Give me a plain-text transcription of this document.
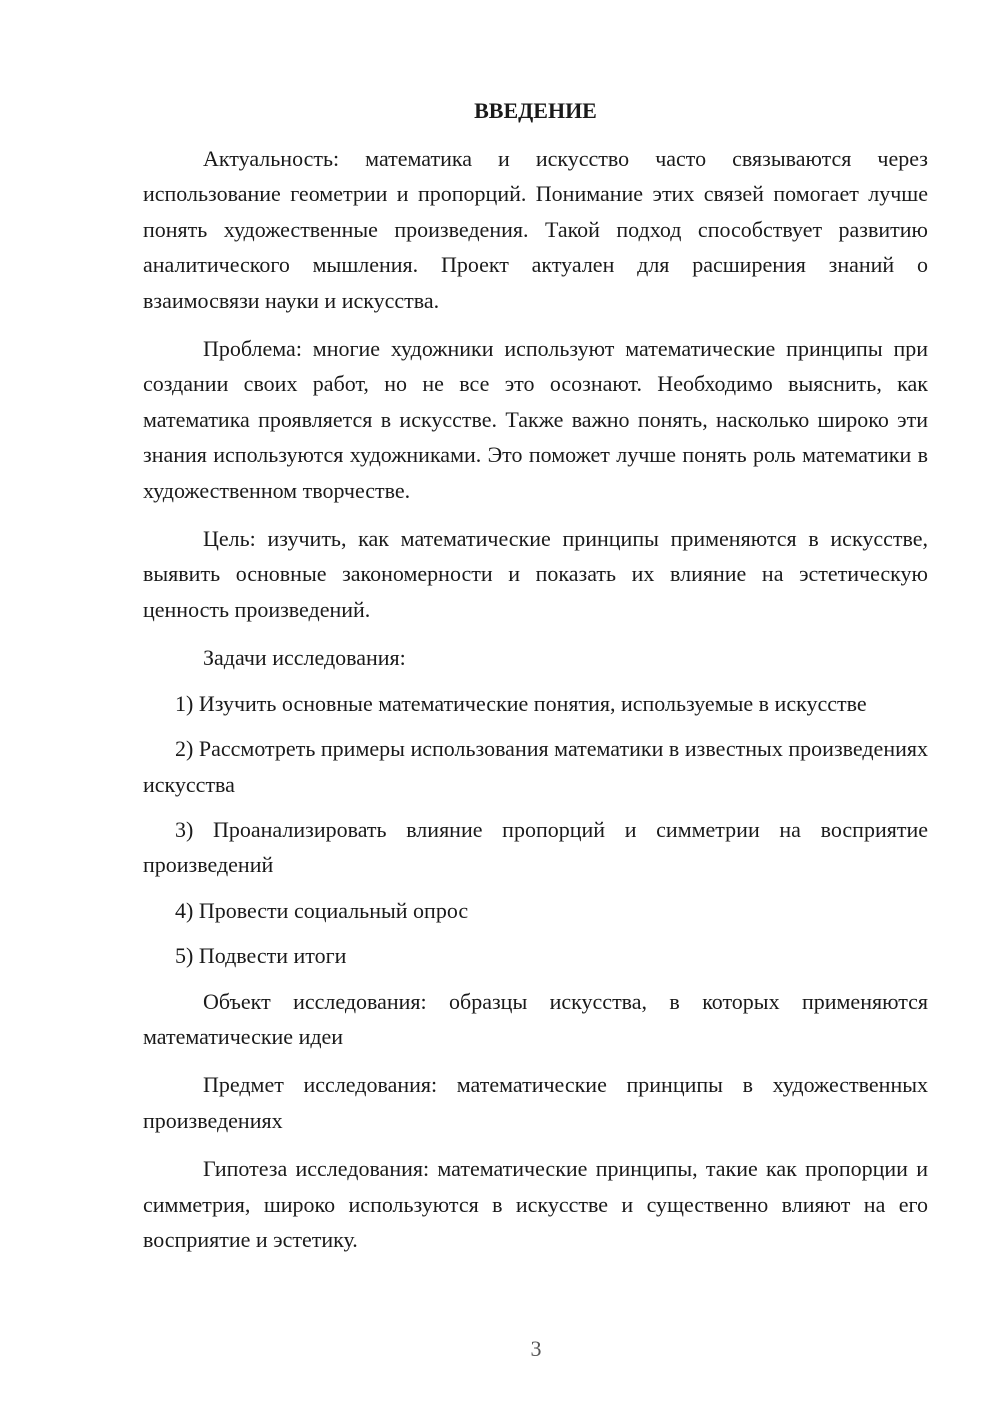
ВВЕДЕНИЕ

Актуальность: математика и искусство часто связываются через использование геометрии и пропорций. Понимание этих связей помогает лучше понять художественные произведения. Такой подход способствует развитию аналитического мышления. Проект актуален для расширения знаний о взаимосвязи науки и искусства.

Проблема: многие художники используют математические принципы при создании своих работ, но не все это осознают. Необходимо выяснить, как математика проявляется в искусстве. Также важно понять, насколько широко эти знания используются художниками. Это поможет лучше понять роль математики в художественном творчестве.

Цель: изучить, как математические принципы применяются в искусстве, выявить основные закономерности и показать их влияние на эстетическую ценность произведений.

Задачи исследования:

1) Изучить основные математические понятия, используемые в искусстве

2) Рассмотреть примеры использования математики в известных произведениях искусства

3) Проанализировать влияние пропорций и симметрии на восприятие произведений

4) Провести социальный опрос

5) Подвести итоги

Объект исследования: образцы искусства, в которых применяются математические идеи

Предмет исследования: математические принципы в художественных произведениях

Гипотеза исследования: математические принципы, такие как пропорции и симметрия, широко используются в искусстве и существенно влияют на его восприятие и эстетику.

3
